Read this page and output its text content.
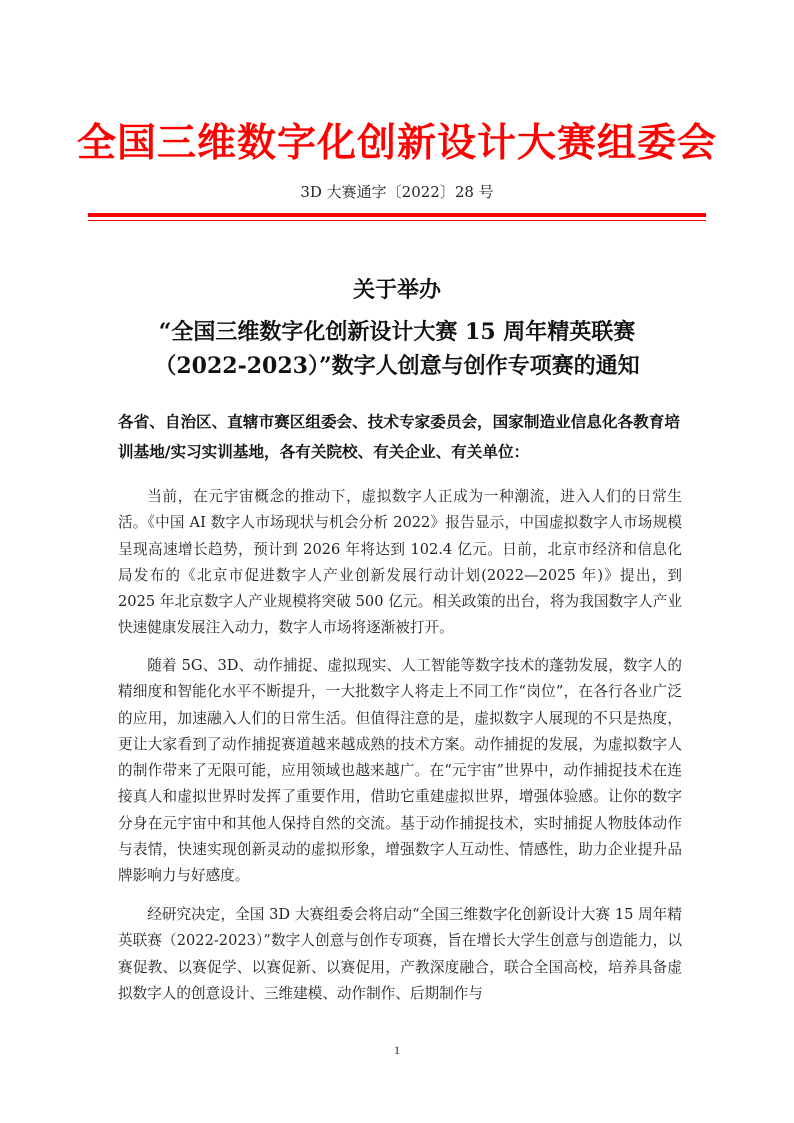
全国三维数字化创新设计大赛组委会
3D 大赛通字〔2022〕28 号
关于举办
“全国三维数字化创新设计大赛 15 周年精英联赛
（2022-2023）”数字人创意与创作专项赛的通知
各省、自治区、直辖市赛区组委会、技术专家委员会，国家制造业信息化各教育培训基地/实习实训基地，各有关院校、有关企业、有关单位：
当前，在元宇宙概念的推动下，虚拟数字人正成为一种潮流，进入人们的日常生活。《中国 AI 数字人市场现状与机会分析 2022》报告显示，中国虚拟数字人市场规模呈现高速增长趋势，预计到 2026 年将达到 102.4 亿元。日前，北京市经济和信息化局发布的《北京市促进数字人产业创新发展行动计划(2022—2025 年)》提出，到 2025 年北京数字人产业规模将突破 500 亿元。相关政策的出台，将为我国数字人产业快速健康发展注入动力，数字人市场将逐渐被打开。
随着 5G、3D、动作捕捉、虚拟现实、人工智能等数字技术的蓬勃发展，数字人的精细度和智能化水平不断提升，一大批数字人将走上不同工作“岗位”，在各行各业广泛的应用，加速融入人们的日常生活。但值得注意的是，虚拟数字人展现的不只是热度，更让大家看到了动作捕捉赛道越来越成熟的技术方案。动作捕捉的发展，为虚拟数字人的制作带来了无限可能，应用领域也越来越广。在“元宇宙”世界中，动作捕捉技术在连接真人和虚拟世界时发挥了重要作用，借助它重建虚拟世界，增强体验感。让你的数字分身在元宇宙中和其他人保持自然的交流。基于动作捕捉技术，实时捕捉人物肢体动作与表情，快速实现创新灵动的虚拟形象，增强数字人互动性、情感性，助力企业提升品牌影响力与好感度。
经研究决定，全国 3D 大赛组委会将启动“全国三维数字化创新设计大赛 15 周年精英联赛（2022-2023）”数字人创意与创作专项赛，旨在增长大学生创意与创造能力，以赛促教、以赛促学、以赛促新、以赛促用，产教深度融合，联合全国高校，培养具备虚拟数字人的创意设计、三维建模、动作制作、后期制作与
1
